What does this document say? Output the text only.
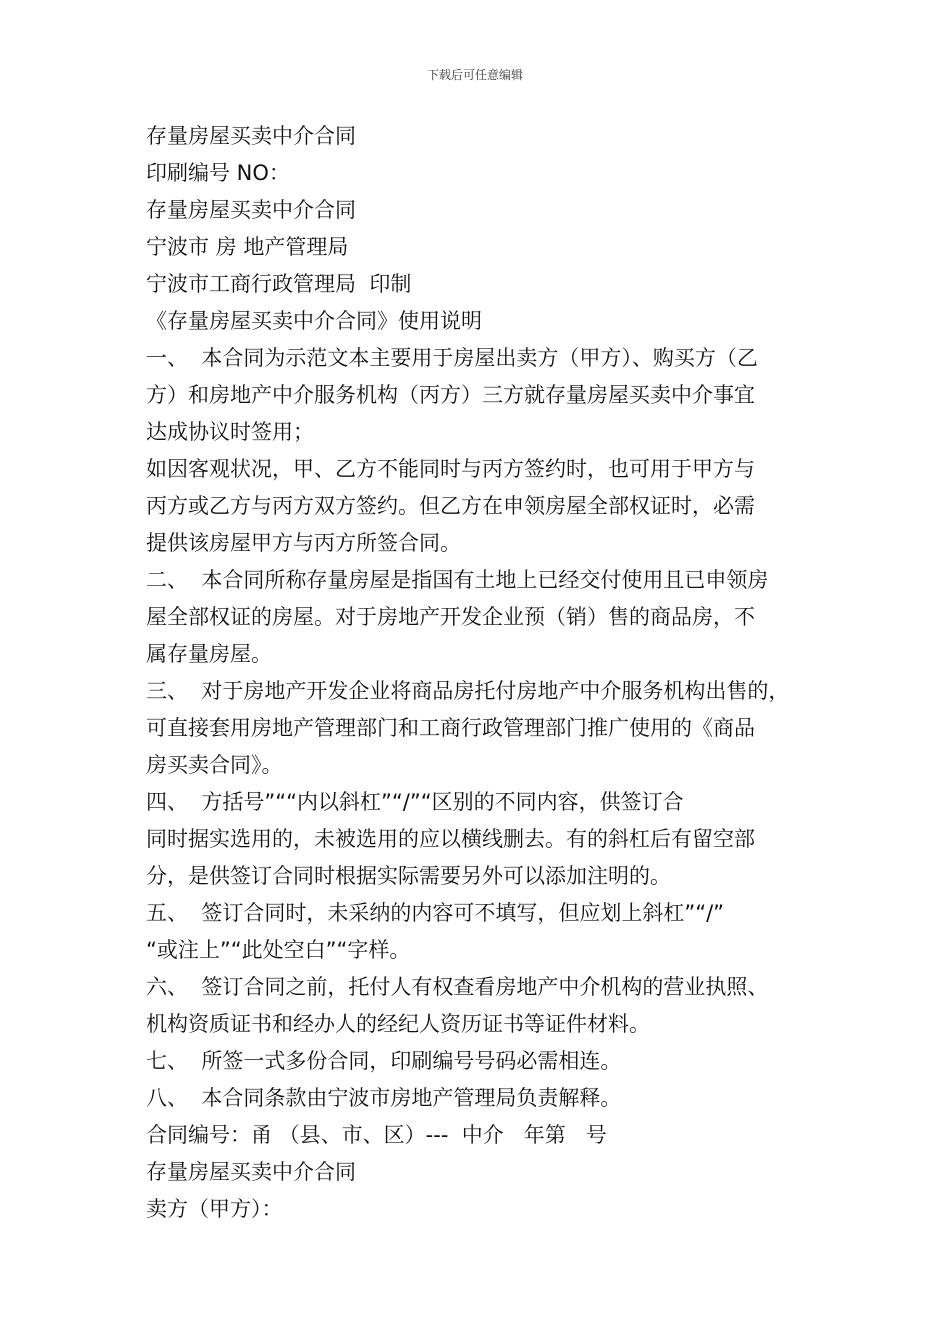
下载后可任意编辑
存量房屋买卖中介合同
印刷编号 NO：
存量房屋买卖中介合同
宁波市 房 地产管理局
宁波市工商行政管理局  印制
《存量房屋买卖中介合同》使用说明
一、  本合同为示范文本主要用于房屋出卖方（甲方）、购买方（乙
方）和房地产中介服务机构（丙方）三方就存量房屋买卖中介事宜
达成协议时签用；
如因客观状况，甲、乙方不能同时与丙方签约时，也可用于甲方与
丙方或乙方与丙方双方签约。但乙方在申领房屋全部权证时，必需
提供该房屋甲方与丙方所签合同。
二、  本合同所称存量房屋是指国有土地上已经交付使用且已申领房
屋全部权证的房屋。对于房地产开发企业预（销）售的商品房，不
属存量房屋。
三、  对于房地产开发企业将商品房托付房地产中介服务机构出售的，
可直接套用房地产管理部门和工商行政管理部门推广使用的《商品
房买卖合同》。
四、  方括号”““内以斜杠”“/”“区别的不同内容，供签订合
同时据实选用的，未被选用的应以横线删去。有的斜杠后有留空部
分，是供签订合同时根据实际需要另外可以添加注明的。
五、  签订合同时，未采纳的内容可不填写，但应划上斜杠”“/”
“或注上”“此处空白”“字样。
六、  签订合同之前，托付人有权查看房地产中介机构的营业执照、
机构资质证书和经办人的经纪人资历证书等证件材料。
七、  所签一式多份合同，印刷编号号码必需相连。
八、  本合同条款由宁波市房地产管理局负责解释。
合同编号：甬 （县、市、区）---  中介   年第   号
存量房屋买卖中介合同
卖方（甲方）：
